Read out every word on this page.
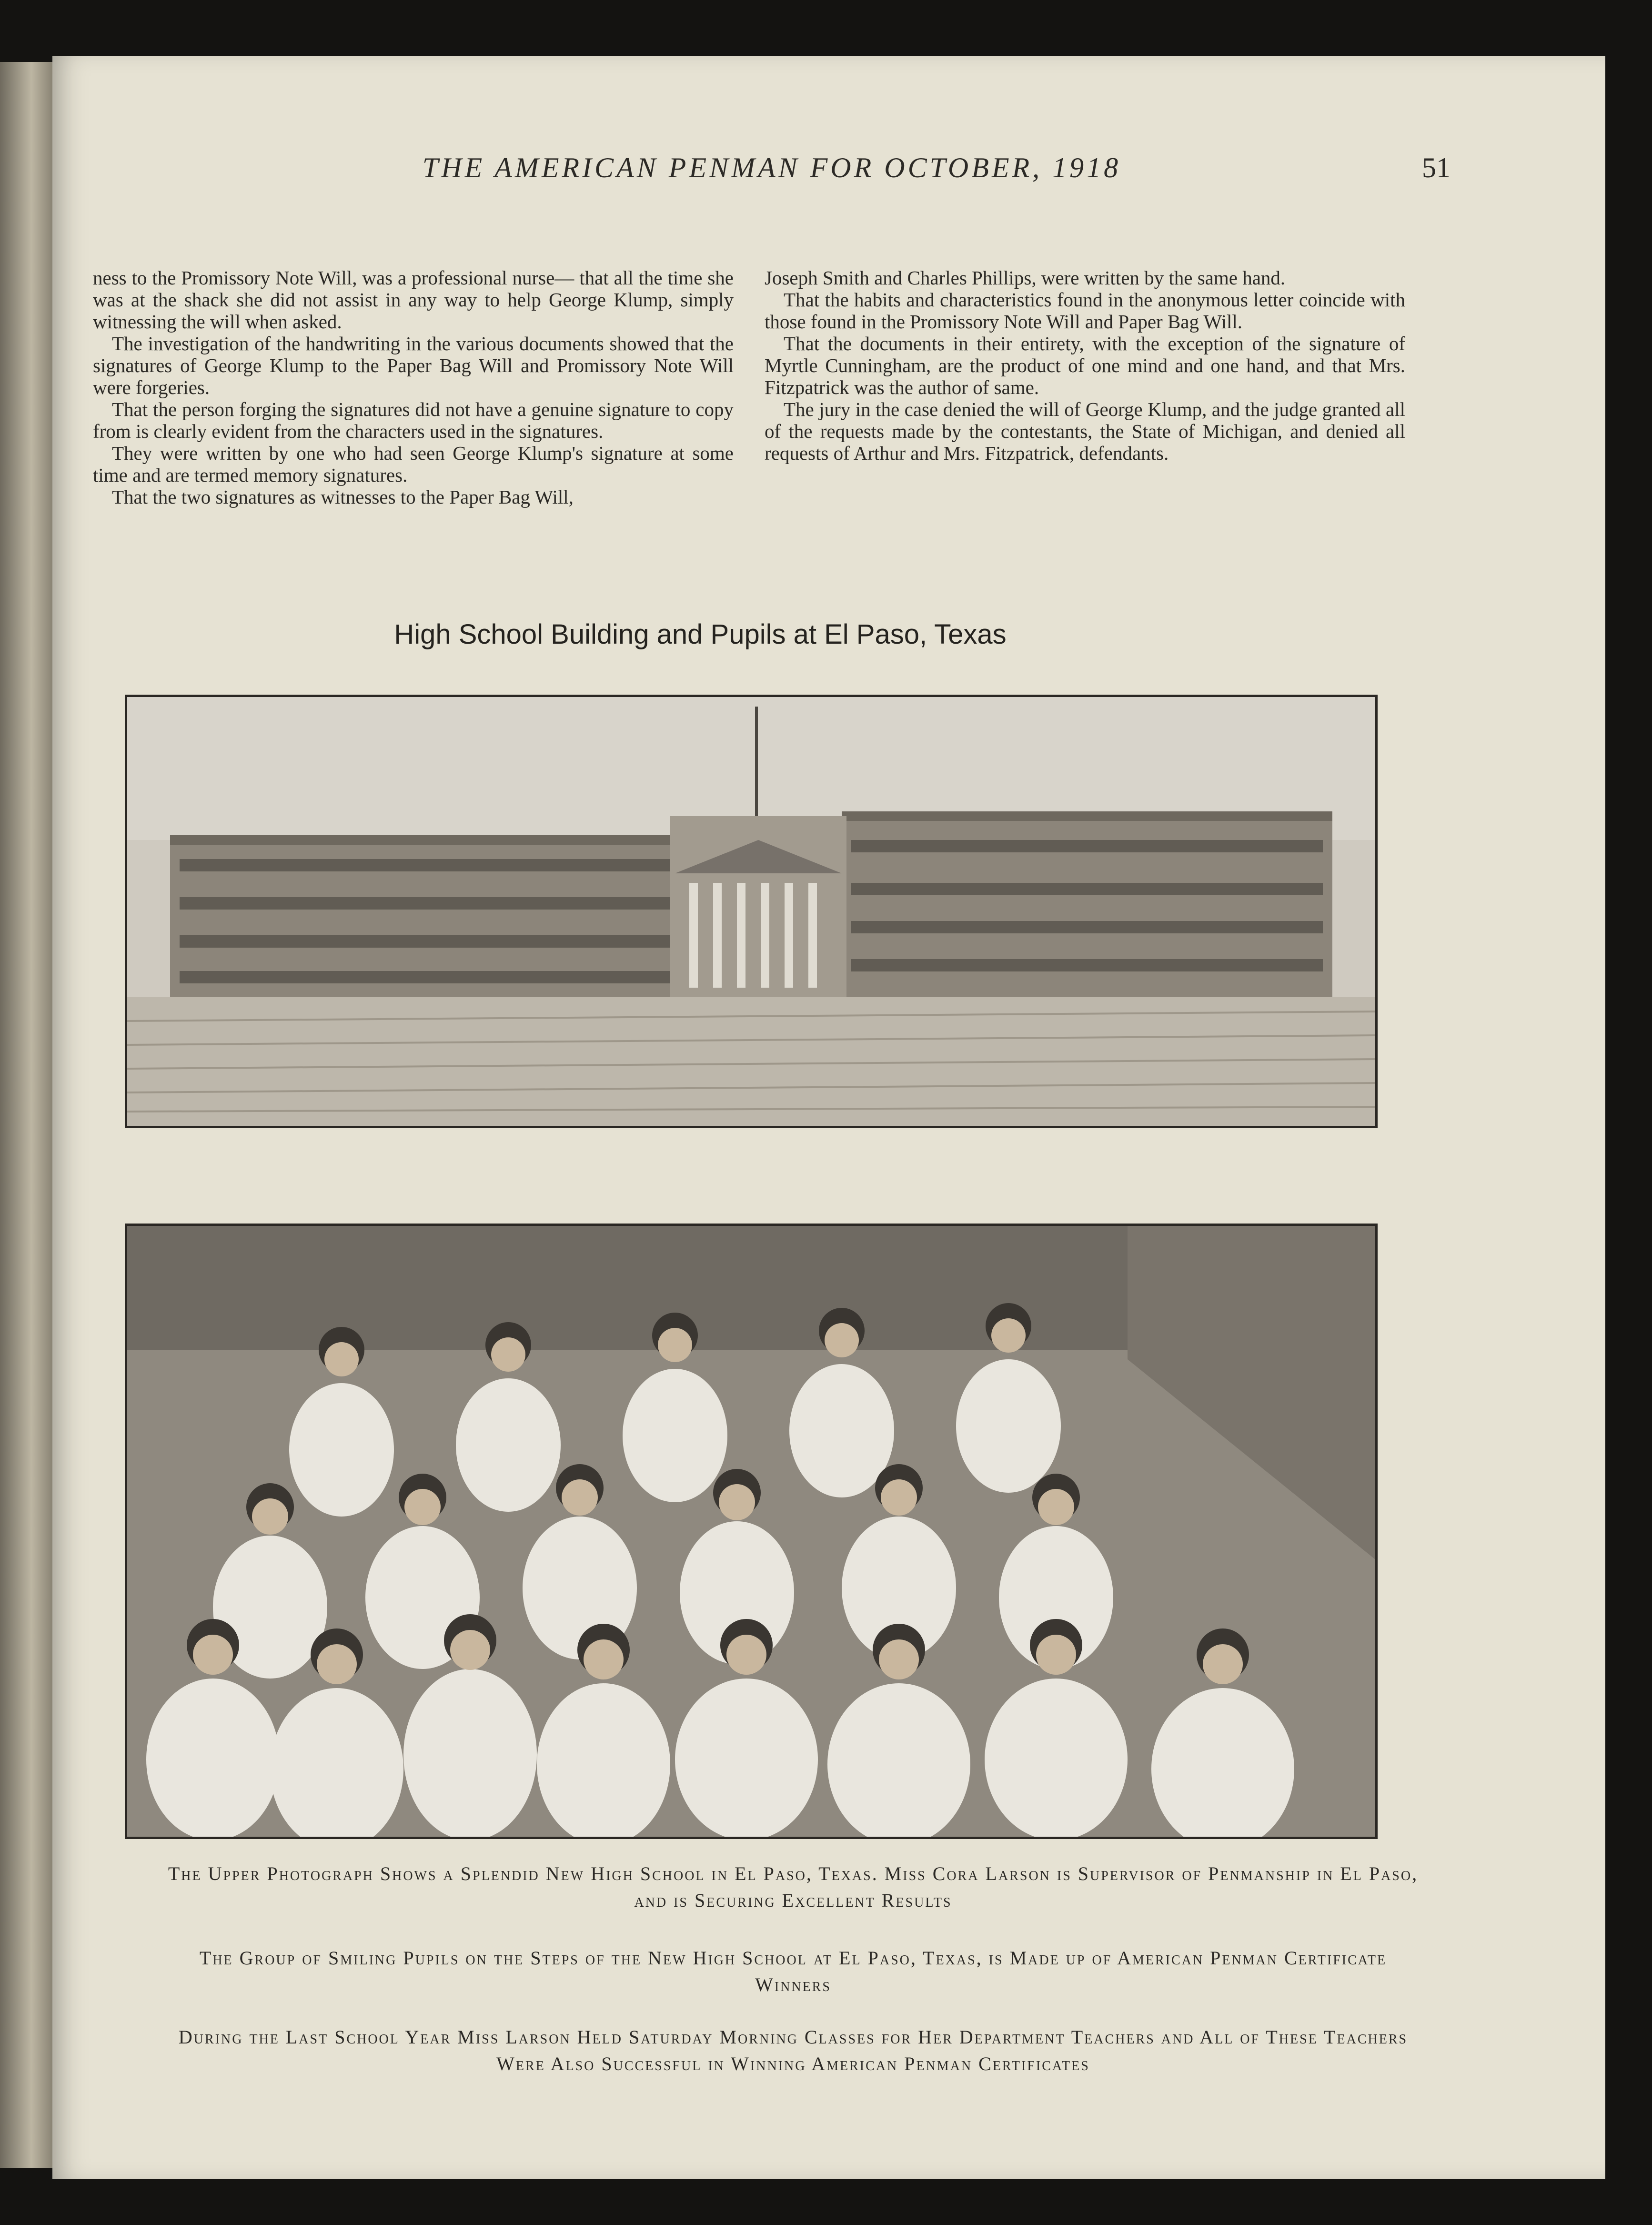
THE AMERICAN PENMAN FOR OCTOBER, 1918	51

ness to the Promissory Note Will, was a professional nurse— that all the time she was at the shack she did not assist in any way to help George Klump, simply witnessing the will when asked.

The investigation of the handwriting in the various documents showed that the signatures of George Klump to the Paper Bag Will and Promissory Note Will were forgeries.

That the person forging the signatures did not have a genuine signature to copy from is clearly evident from the characters used in the signatures.

They were written by one who had seen George Klump's signature at some time and are termed memory signatures.

That the two signatures as witnesses to the Paper Bag Will,

Joseph Smith and Charles Phillips, were written by the same hand.

That the habits and characteristics found in the anonymous letter coincide with those found in the Promissory Note Will and Paper Bag Will.

That the documents in their entirety, with the exception of the signature of Myrtle Cunningham, are the product of one mind and one hand, and that Mrs. Fitzpatrick was the author of same.

The jury in the case denied the will of George Klump, and the judge granted all of the requests made by the contestants, the State of Michigan, and denied all requests of Arthur and Mrs. Fitzpatrick, defendants.

High School Building and Pupils at El Paso, Texas
The Upper Photograph Shows a Splendid New High School in El Paso, Texas. Miss Cora Larson is Supervisor of Penmanship in El Paso, and is Securing Excellent Results
The Group of Smiling Pupils on the Steps of the New High School at El Paso, Texas, is Made up of American Penman Certificate Winners
During the Last School Year Miss Larson Held Saturday Morning Classes for Her Department Teachers and All of These Teachers Were Also Successful in Winning American Penman Certificates
